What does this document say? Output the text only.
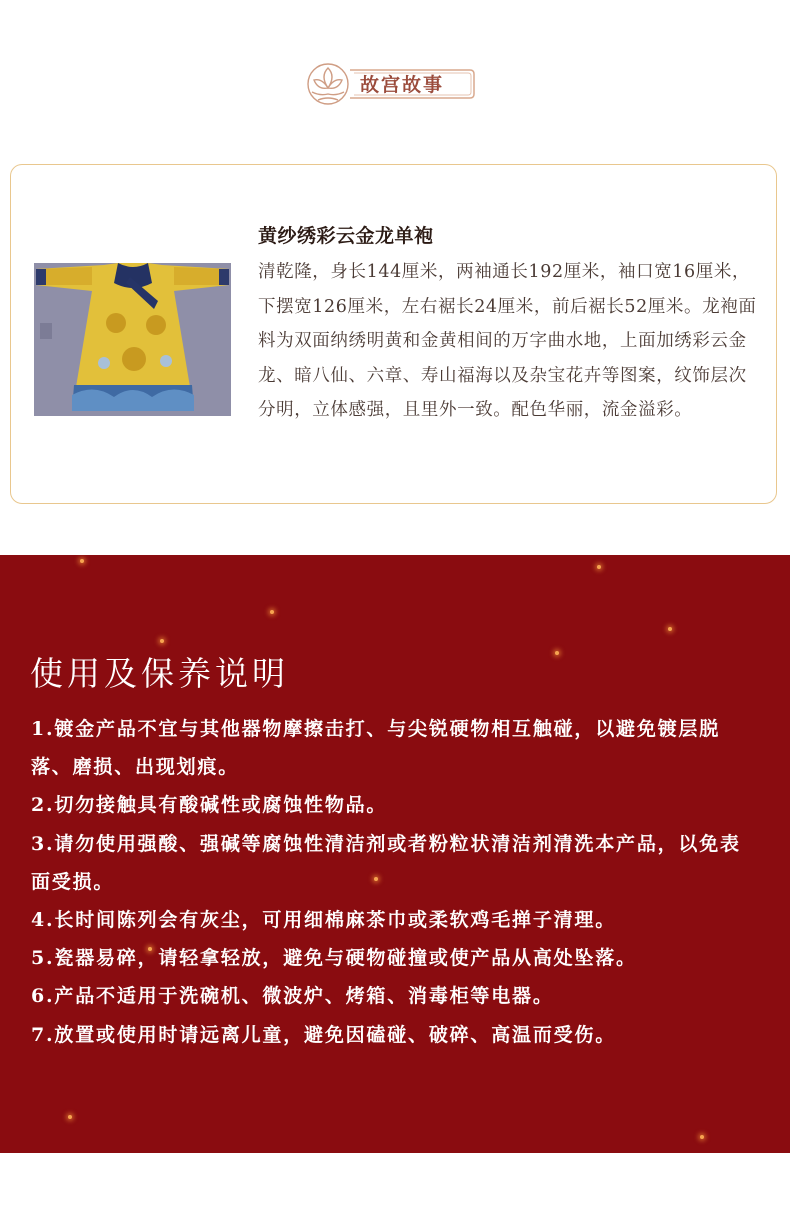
故宫故事
黄纱绣彩云金龙单袍
清乾隆，身长144厘米，两袖通长192厘米，袖口宽16厘米，下摆宽126厘米，左右裾长24厘米，前后裾长52厘米。龙袍面料为双面纳绣明黄和金黄相间的万字曲水地，上面加绣彩云金龙、暗八仙、六章、寿山福海以及杂宝花卉等图案，纹饰层次分明，立体感强，且里外一致。配色华丽，流金溢彩。
使用及保养说明
1.镀金产品不宜与其他器物摩擦击打、与尖锐硬物相互触碰，以避免镀层脱落、磨损、出现划痕。
2.切勿接触具有酸碱性或腐蚀性物品。
3.请勿使用强酸、强碱等腐蚀性清洁剂或者粉粒状清洁剂清洗本产品，以免表面受损。
4.长时间陈列会有灰尘，可用细棉麻茶巾或柔软鸡毛掸子清理。
5.瓷器易碎，请轻拿轻放，避免与硬物碰撞或使产品从高处坠落。
6.产品不适用于洗碗机、微波炉、烤箱、消毒柜等电器。
7.放置或使用时请远离儿童，避免因磕碰、破碎、高温而受伤。
